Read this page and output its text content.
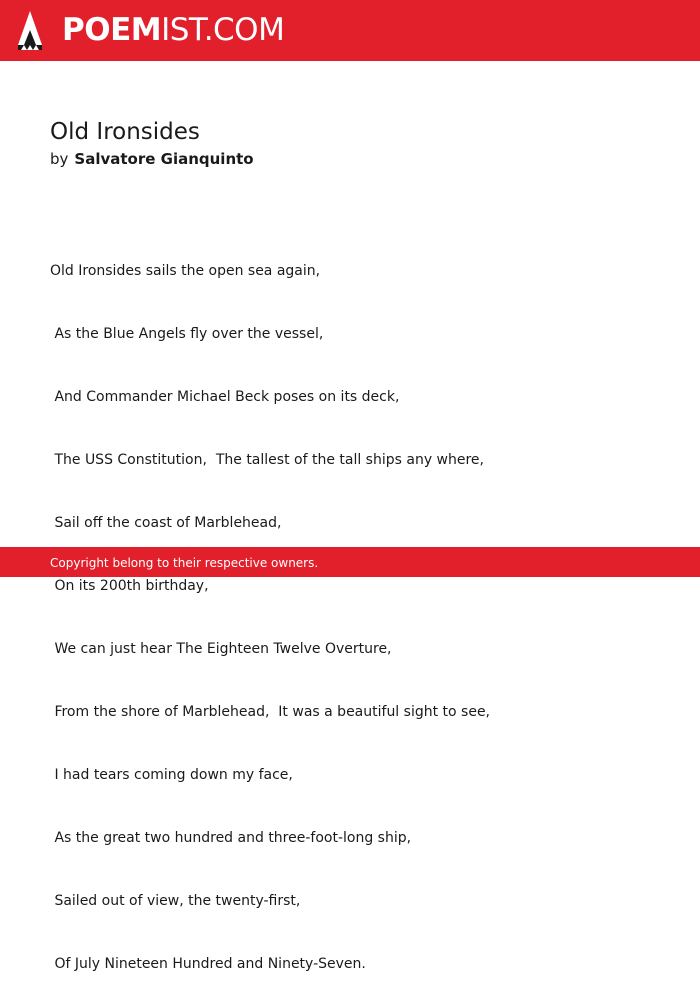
POEMIST.COM
Old Ironsides
by Salvatore Gianquinto

Old Ironsides sails the open sea again,

As the Blue Angels fly over the vessel,

And Commander Michael Beck poses on its deck,

The USS Constitution,  The tallest of the tall ships any where,

Sail off the coast of Marblehead,

On its 200th birthday,

We can just hear The Eighteen Twelve Overture,

From the shore of Marblehead,  It was a beautiful sight to see,

I had tears coming down my face,

As the great two hundred and three-foot-long ship,

Sailed out of view, the twenty-first,

Of July Nineteen Hundred and Ninety-Seven.

Copyright belong to their respective owners.
